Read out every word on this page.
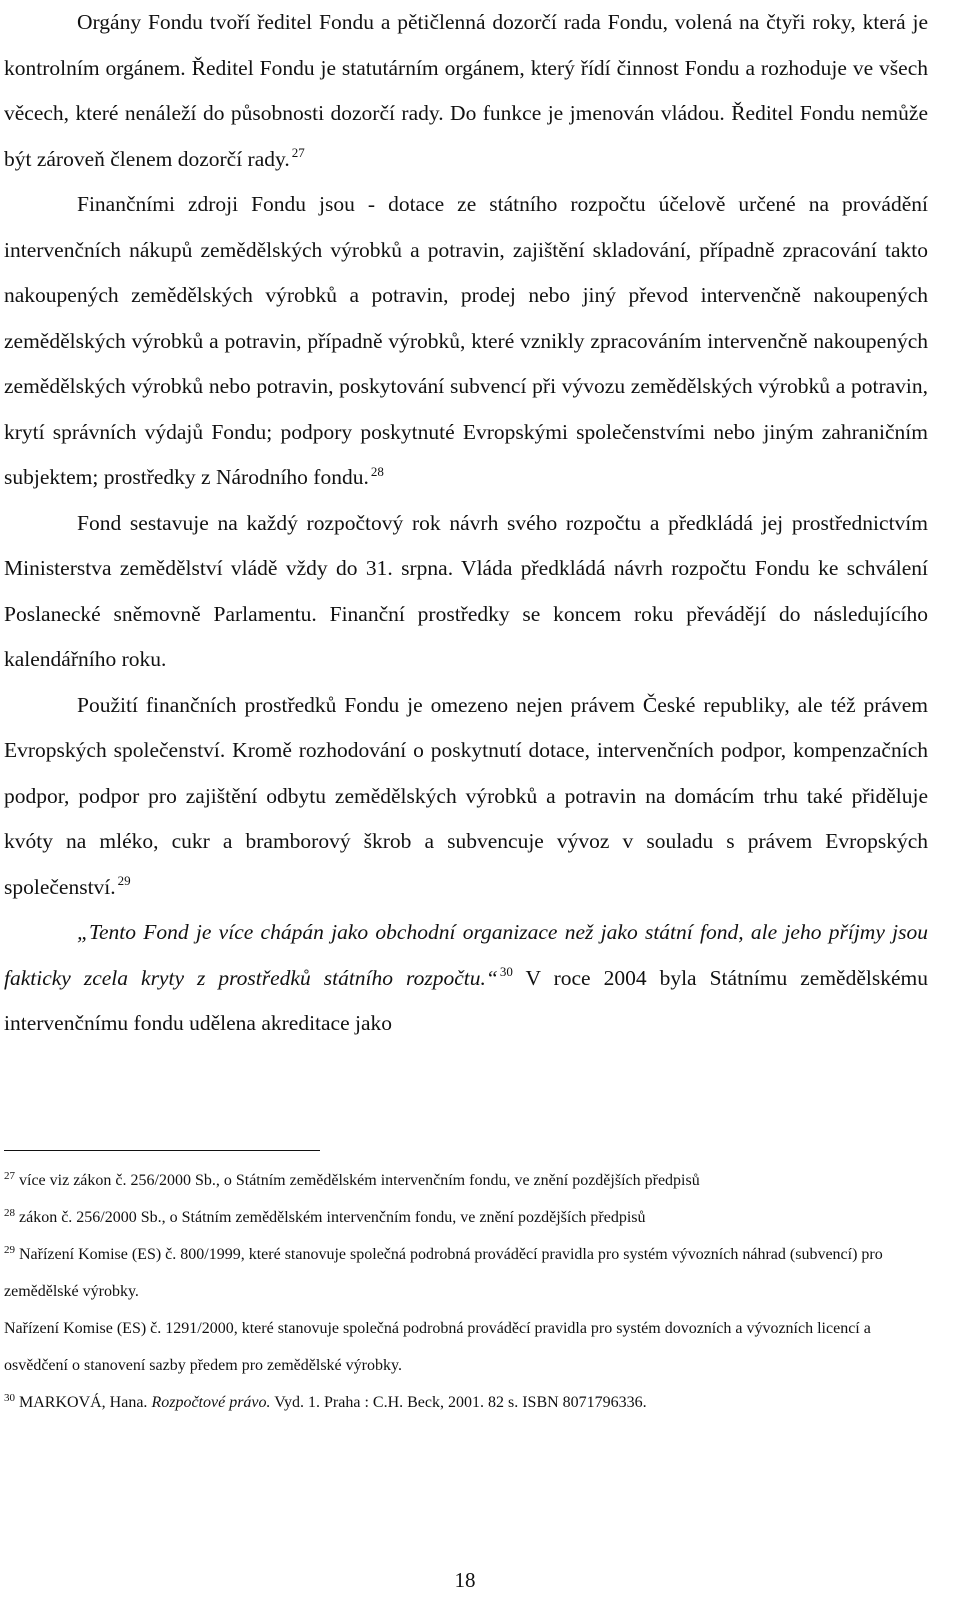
Orgány Fondu tvoří ředitel Fondu a pětičlenná dozorčí rada Fondu, volená na čtyři roky, která je kontrolním orgánem. Ředitel Fondu je statutárním orgánem, který řídí činnost Fondu a rozhoduje ve všech věcech, které nenáleží do působnosti dozorčí rady. Do funkce je jmenován vládou. Ředitel Fondu nemůže být zároveň členem dozorčí rady. $^{27}$

Finančními zdroji Fondu jsou - dotace ze státního rozpočtu účelově určené na provádění intervenčních nákupů zemědělských výrobků a potravin, zajištění skladování, případně zpracování takto nakoupených zemědělských výrobků a potravin, prodej nebo jiný převod intervenčně nakoupených zemědělských výrobků a potravin, případně výrobků, které vznikly zpracováním intervenčně nakoupených zemědělských výrobků nebo potravin, poskytování subvencí při vývozu zemědělských výrobků a potravin, krytí správních výdajů Fondu; podpory poskytnuté Evropskými společenstvími nebo jiným zahraničním subjektem; prostředky z Národního fondu. $^{28}$

Fond sestavuje na každý rozpočtový rok návrh svého rozpočtu a předkládá jej prostřednictvím Ministerstva zemědělství vládě vždy do 31. srpna. Vláda předkládá návrh rozpočtu Fondu ke schválení Poslanecké sněmovně Parlamentu. Finanční prostředky se koncem roku převádějí do následujícího kalendářního roku.

Použití finančních prostředků Fondu je omezeno nejen právem České republiky, ale též právem Evropských společenství. Kromě rozhodování o poskytnutí dotace, intervenčních podpor, kompenzačních podpor, podpor pro zajištění odbytu zemědělských výrobků a potravin na domácím trhu také přiděluje kvóty na mléko, cukr a bramborový škrob a subvencuje vývoz v souladu s právem Evropských společenství. $^{29}$

„Tento Fond je více chápán jako obchodní organizace než jako státní fond, ale jeho příjmy jsou fakticky zcela kryty z prostředků státního rozpočtu.“ $^{30}$ V roce 2004 byla Státnímu zemědělskému intervenčnímu fondu udělena akreditace jako

$^{27}$ více viz zákon č. 256/2000 Sb., o Státním zemědělském intervenčním fondu, ve znění pozdějších předpisů

$^{28}$ zákon č. 256/2000 Sb., o Státním zemědělském intervenčním fondu, ve znění pozdějších předpisů

$^{29}$ Nařízení Komise (ES) č. 800/1999, které stanovuje společná podrobná prováděcí pravidla pro systém vývozních náhrad (subvencí) pro zemědělské výrobky.

Nařízení Komise (ES) č. 1291/2000, které stanovuje společná podrobná prováděcí pravidla pro systém dovozních a vývozních licencí a osvědčení o stanovení sazby předem pro zemědělské výrobky.

$^{30}$ MARKOVÁ, Hana. Rozpočtové právo. Vyd. 1. Praha : C.H. Beck, 2001. 82 s. ISBN 8071796336.

18
